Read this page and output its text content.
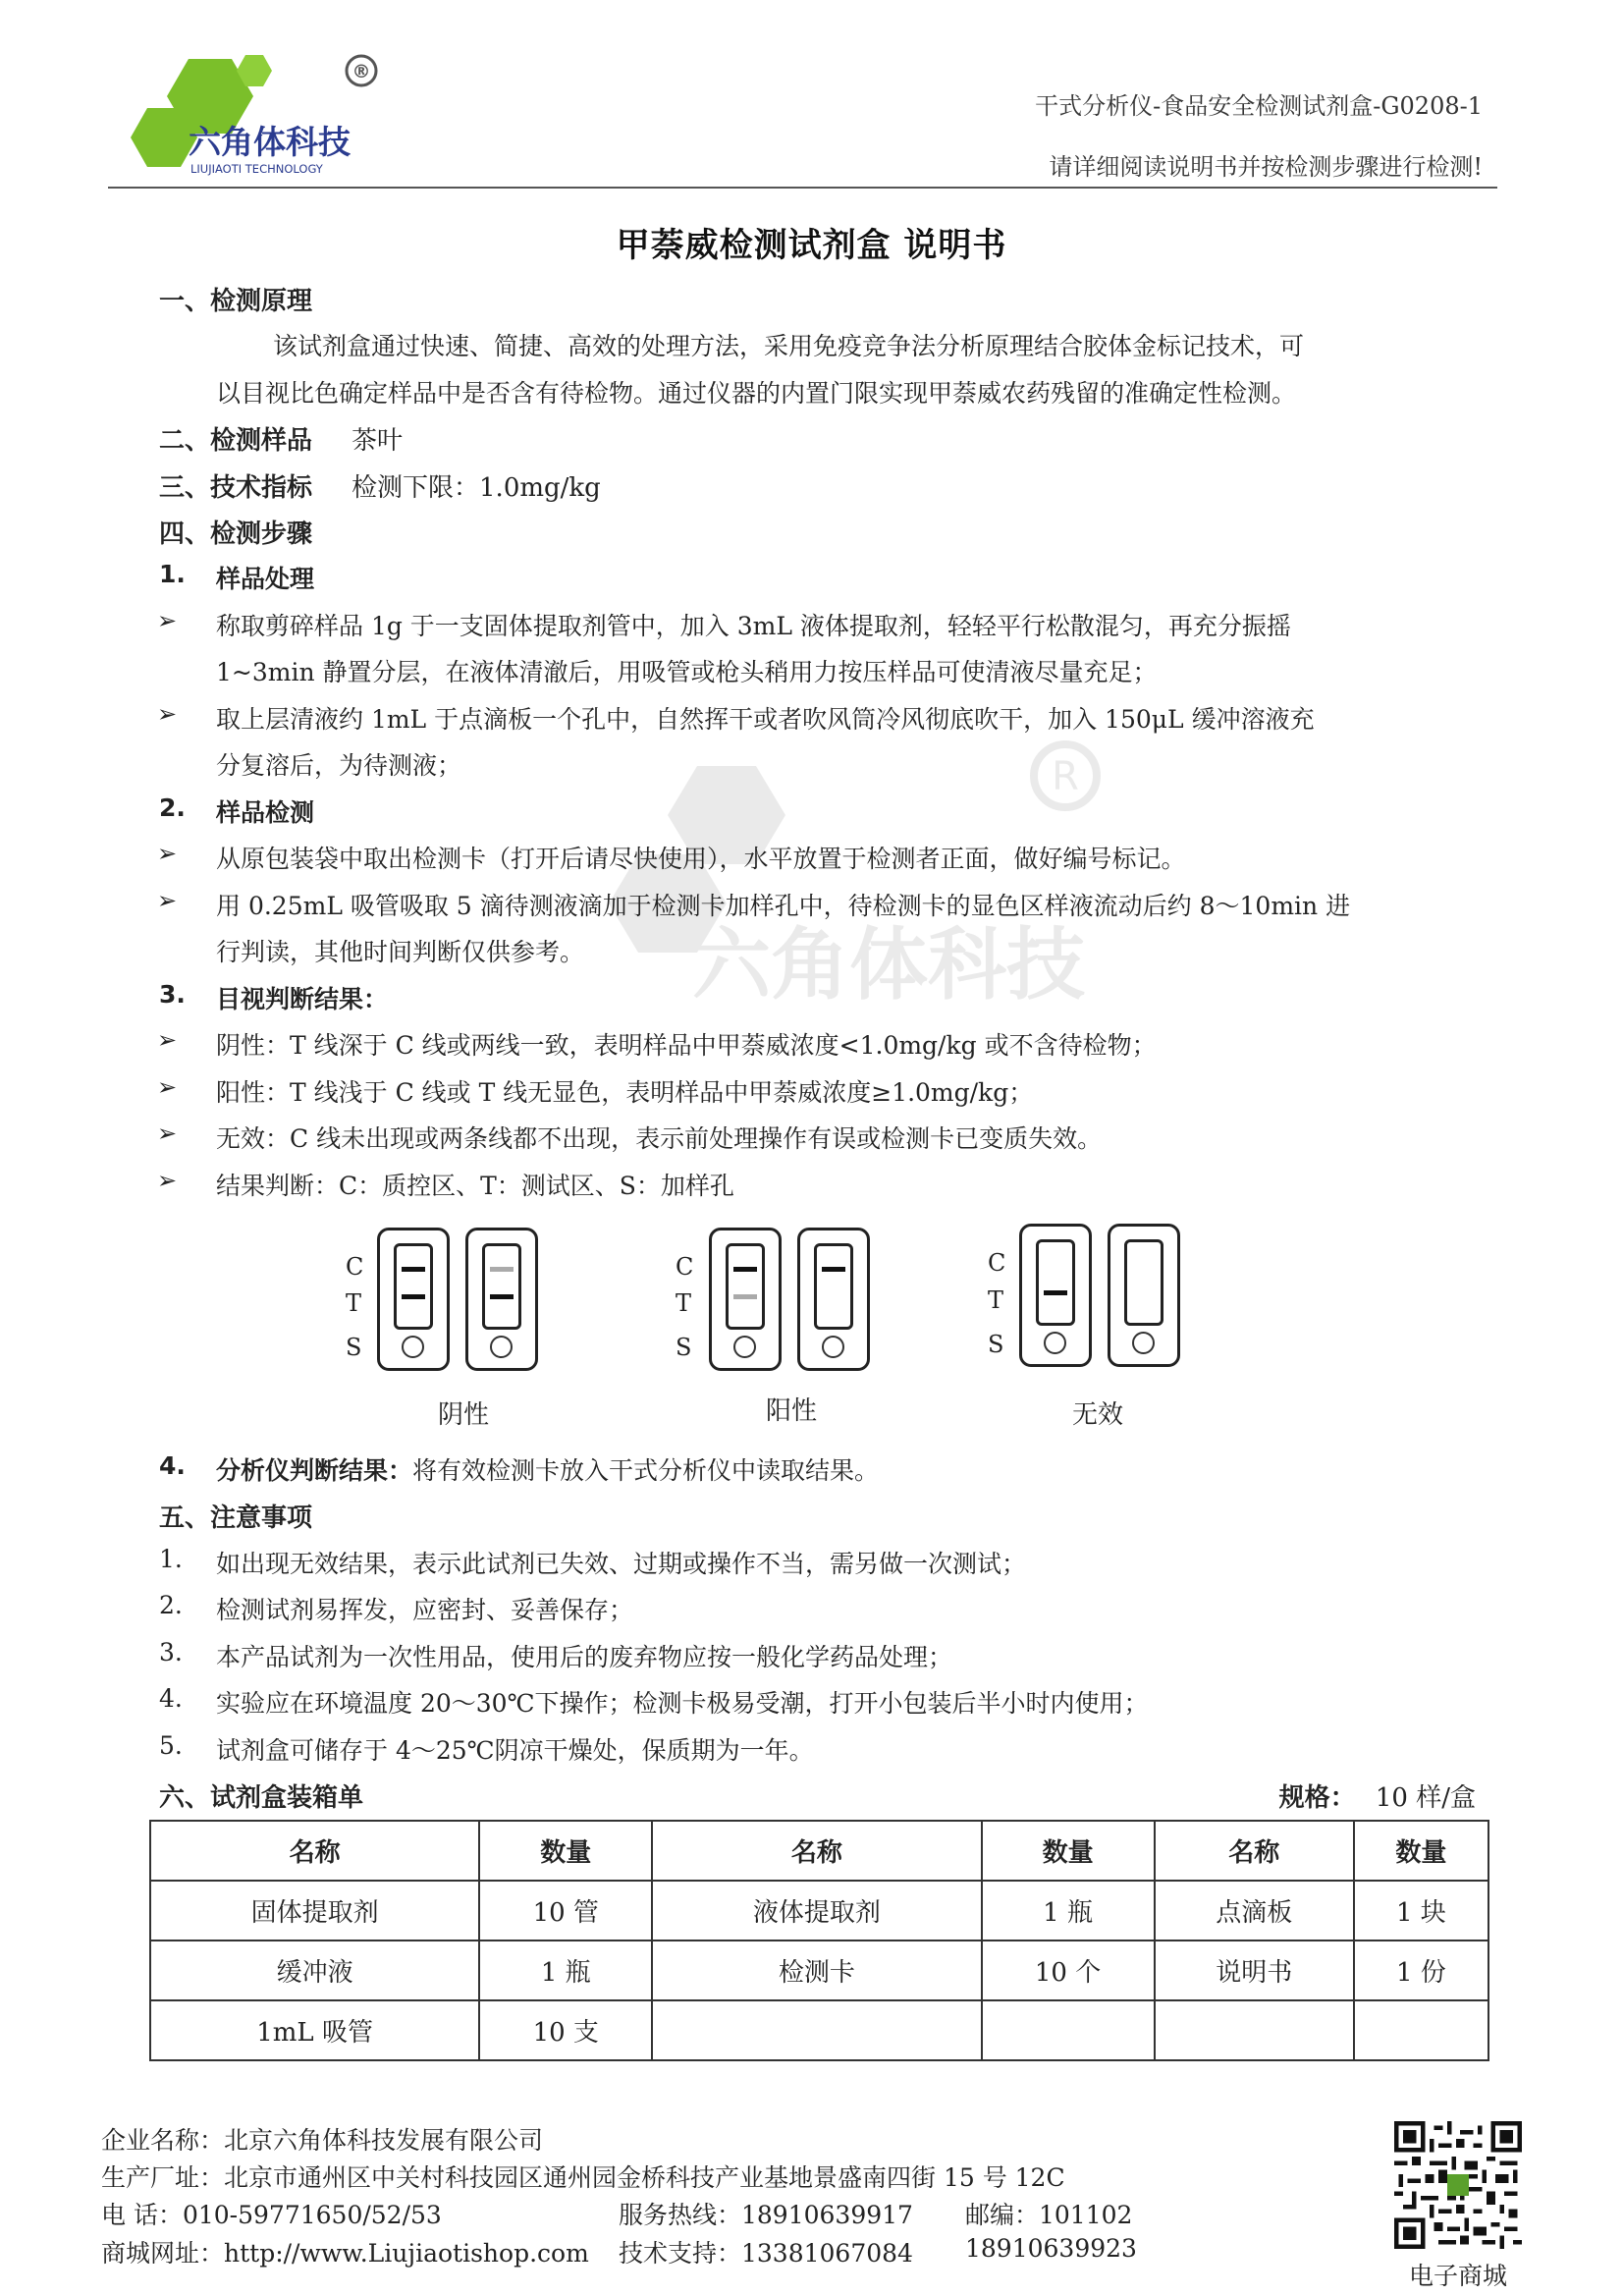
R
六角体科技
®
六角体科技
LIUJIAOTI TECHNOLOGY
干式分析仪-食品安全检测试剂盒-G0208-1
请详细阅读说明书并按检测步骤进行检测!
甲萘威检测试剂盒 说明书
一、检测原理
该试剂盒通过快速、简捷、高效的处理方法，采用免疫竞争法分析原理结合胶体金标记技术，可
以目视比色确定样品中是否含有待检物。通过仪器的内置门限实现甲萘威农药残留的准确定性检测。
二、检测样品 茶叶
三、技术指标 检测下限：1.0mg/kg
四、检测步骤
1. 样品处理
➢ 称取剪碎样品 1g 于一支固体提取剂管中，加入 3mL 液体提取剂，轻轻平行松散混匀，再充分振摇
1~3min 静置分层，在液体清澈后，用吸管或枪头稍用力按压样品可使清液尽量充足；
➢ 取上层清液约 1mL 于点滴板一个孔中，自然挥干或者吹风筒冷风彻底吹干，加入 150μL 缓冲溶液充
分复溶后，为待测液；
2. 样品检测
➢ 从原包装袋中取出检测卡（打开后请尽快使用），水平放置于检测者正面，做好编号标记。
➢ 用 0.25mL 吸管吸取 5 滴待测液滴加于检测卡加样孔中，待检测卡的显色区样液流动后约 8～10min 进
行判读，其他时间判断仅供参考。
3. 目视判断结果：
➢ 阴性：T 线深于 C 线或两线一致，表明样品中甲萘威浓度<1.0mg/kg 或不含待检物；
➢ 阳性：T 线浅于 C 线或 T 线无显色，表明样品中甲萘威浓度≥1.0mg/kg；
➢ 无效：C 线未出现或两条线都不出现，表示前处理操作有误或检测卡已变质失效。
➢ 结果判断：C：质控区、T：测试区、S：加样孔
C
T
S
阴性
C
T
S
阳性
C
T
S
无效
4. 分析仪判断结果：将有效检测卡放入干式分析仪中读取结果。
五、注意事项
1. 如出现无效结果，表示此试剂已失效、过期或操作不当，需另做一次测试；
2. 检测试剂易挥发，应密封、妥善保存；
3. 本产品试剂为一次性用品，使用后的废弃物应按一般化学药品处理；
4. 实验应在环境温度 20～30℃下操作；检测卡极易受潮，打开小包装后半小时内使用；
5. 试剂盒可储存于 4～25℃阴凉干燥处，保质期为一年。
六、试剂盒装箱单	规格： 10 样/盒
名称	数量	名称	数量	名称	数量
固体提取剂	10 管	液体提取剂	1 瓶	点滴板	1 块
缓冲液	1 瓶	检测卡	10 个	说明书	1 份
1mL 吸管	10 支				
企业名称：北京六角体科技发展有限公司
生产厂址：北京市通州区中关村科技园区通州园金桥科技产业基地景盛南四街 15 号 12C
电 话：010-59771650/52/53	服务热线：18910639917 邮编：101102
商城网址：http://www.Liujiaotishop.com 技术支持：13381067084 18910639923
电子商城
